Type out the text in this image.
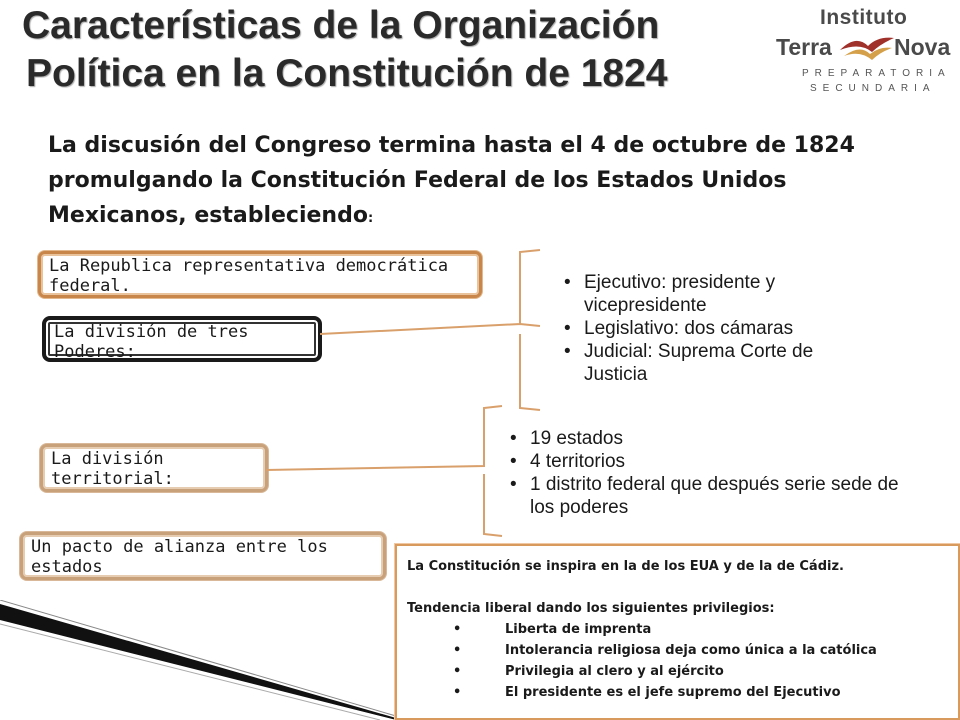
Características de la Organización
Política en la Constitución de 1824
Instituto
Terra	Nova
PREPARATORIA
SECUNDARIA
La discusión del Congreso termina hasta el 4 de octubre de 1824 promulgando la Constitución Federal de los Estados Unidos Mexicanos, estableciendo:
La Republica representativa democrática federal.
La división de tres Poderes:
La división territorial:
Un pacto de alianza entre los estados
• Ejecutivo: presidente y vicepresidente
• Legislativo: dos cámaras
• Judicial: Suprema Corte de Justicia
• 19 estados
• 4 territorios
• 1 distrito federal que después serie sede de los poderes

La Constitución se inspira en la de los EUA y de la de Cádiz.

Tendencia liberal dando los siguientes privilegios:

• Liberta de imprenta
• Intolerancia religiosa deja como única a la católica
• Privilegia al clero y al ejército
• El presidente es el jefe supremo del Ejecutivo
